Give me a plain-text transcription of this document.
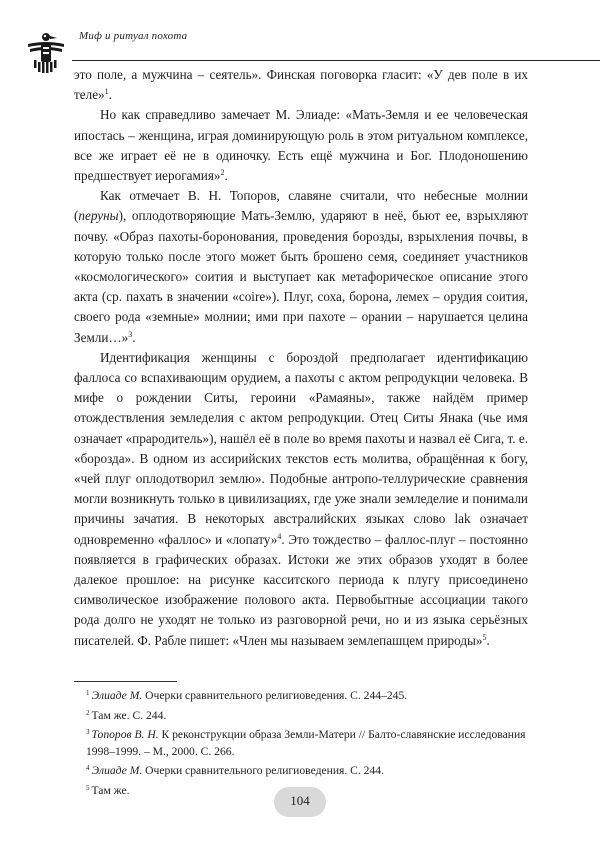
Миф и ритуал похота

это поле, а мужчина – сеятель». Финская поговорка гласит: «У дев поле в их теле»$^1$.

Но как справедливо замечает М. Элиаде: «Мать-Земля и ее человеческая ипостась – женщина, играя доминирующую роль в этом ритуальном комплексе, все же играет её не в одиночку. Есть ещё мужчина и Бог. Плодоношению предшествует иерогамия»$^2$.

Как отмечает В. Н. Топоров, славяне считали, что небесные молнии (перуны), оплодотворяющие Мать-Землю, ударяют в неё, бьют ее, взрыхляют почву. «Образ пахоты-боронования, проведения борозды, взрыхления почвы, в которую только после этого может быть брошено семя, соединяет участников «космологического» соития и выступает как метафорическое описание этого акта (ср. пахать в значении «coire»). Плуг, соха, борона, лемех – орудия соития, своего рода «земные» молнии; ими при пахоте – орании – нарушается целина Земли…»$^3$.

Идентификация женщины с бороздой предполагает идентификацию фаллоса со вспахивающим орудием, а пахоты с актом репродукции человека. В мифе о рождении Ситы, героини «Рамаяны», также найдём пример отождествления земледелия с актом репродукции. Отец Ситы Янака (чье имя означает «прародитель»), нашёл её в поле во время пахоты и назвал её Сига, т. е. «борозда». В одном из ассирийских текстов есть молитва, обращённая к богу, «чей плуг оплодотворил землю». Подобные антропо-теллурические сравнения могли возникнуть только в цивилизациях, где уже знали земледелие и понимали причины зачатия. В некоторых австралийских языках слово lak означает одновременно «фаллос» и «лопату»$^4$. Это тождество – фаллос-плуг – постоянно появляется в графических образах. Истоки же этих образов уходят в более далекое прошлое: на рисунке касситского периода к плугу присоединено символическое изображение полового акта. Первобытные ассоциации такого рода долго не уходят не только из разговорной речи, но и из языка серьёзных писателей. Ф. Рабле пишет: «Член мы называем землепашцем природы»$^5$.

$^1$ Элиаде М. Очерки сравнительного религиоведения. С. 244–245.

$^2$ Там же. С. 244.

$^3$ Топоров В. Н. К реконструкции образа Земли-Матери // Балто-славянские исследования 1998–1999. – М., 2000. С. 266.

$^4$ Элиаде М. Очерки сравнительного религиоведения. С. 244.

$^5$ Там же.

104
